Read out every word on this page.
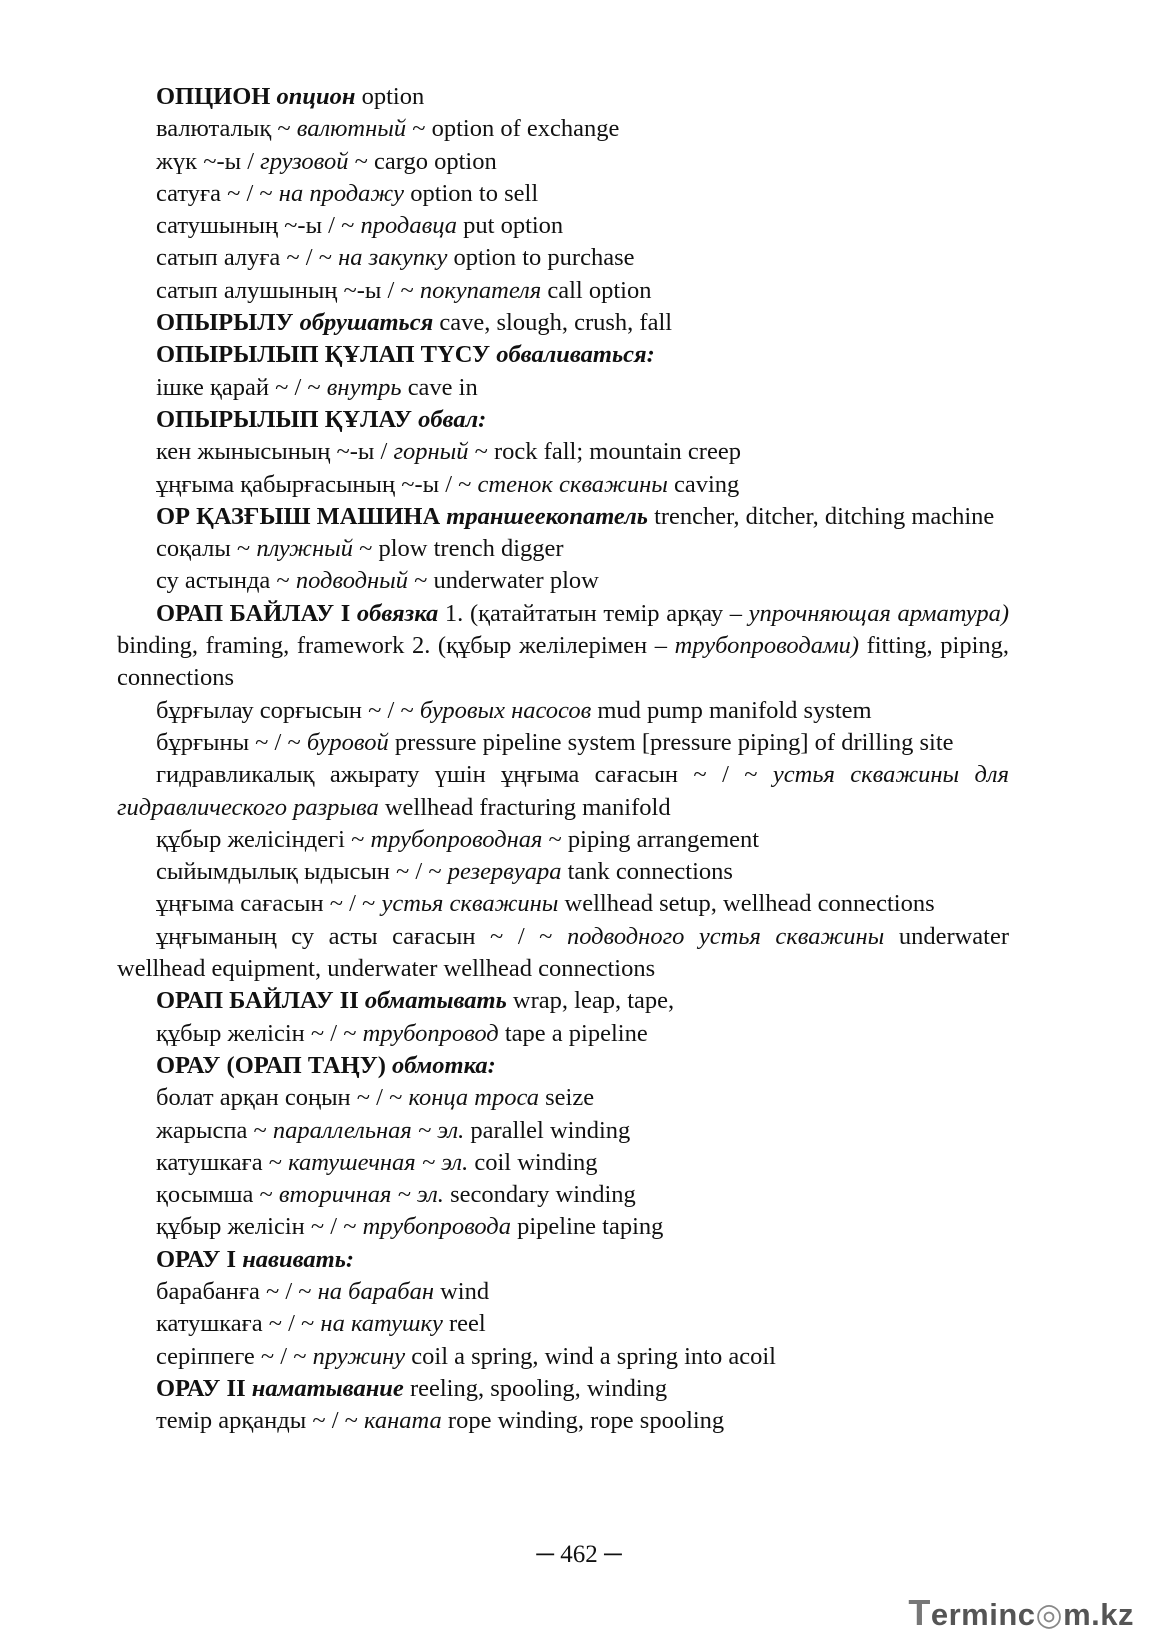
ОПЦИОН опцион option

валюталық ~ валютный ~ option of exchange

жүк ~-ы / грузовой ~ cargo option

сатуға ~ / ~ на продажу option to sell

сатушының ~-ы / ~ продавца put option

сатып алуға ~ / ~ на закупку option to purchase

сатып алушының ~-ы / ~ покупателя call option

ОПЫРЫЛУ обрушаться cave, slough, crush, fall

ОПЫРЫЛЫП ҚҰЛАП ТҮСУ обваливаться:

ішке қарай ~ / ~ внутрь cave in

ОПЫРЫЛЫП ҚҰЛАУ обвал:

кен жынысының ~-ы / горный ~ rock fall; mountain creep

ұңғыма қабырғасының ~-ы / ~ стенок скважины caving

ОР ҚАЗҒЫШ МАШИНА траншеекопатель trencher, ditcher, ditching machine

соқалы ~ плужный ~ plow trench digger

су астында ~ подводный ~ underwater plow

ОРАП БАЙЛАУ I обвязка 1. (қатайтатын темір арқау – упрочняющая арматура) binding, framing, framework 2. (құбыр желілерімен – трубопроводами) fitting, piping, connections

бұрғылау сорғысын ~ / ~ буровых насосов mud pump manifold system

бұрғыны ~ / ~ буровой pressure pipeline system [pressure piping] of drilling site

гидравликалық ажырату үшін ұңғыма сағасын ~ / ~ устья скважины для гидравлического разрыва wellhead fracturing manifold

құбыр желісіндегі ~ трубопроводная ~ piping arrangement

сыйымдылық ыдысын ~ / ~ резервуара tank connections

ұңғыма сағасын ~ / ~ устья скважины wellhead setup, wellhead connections

ұңғыманың су асты сағасын ~ / ~ подводного устья скважины underwater wellhead equipment, underwater wellhead connections

ОРАП БАЙЛАУ II обматывать wrap, leap, tape,

құбыр желісін ~ / ~ трубопровод tape a pipeline

ОРАУ (ОРАП ТАҢУ) обмотка:

болат арқан соңын ~ / ~ конца троса seize

жарыспа ~ параллельная ~ эл. parallel winding

катушкаға ~ катушечная ~ эл. coil winding

қосымша ~ вторичная ~ эл. secondary winding

құбыр желісін ~ / ~ трубопровода pipeline taping

ОРАУ I навивать:

барабанға ~ / ~ на барабан wind

катушкаға ~ / ~ на катушку reel

серіппеге ~ / ~ пружину coil a spring, wind a spring into acoil

ОРАУ II наматывание reeling, spooling, winding

темір арқанды ~ / ~ каната rope winding, rope spooling

─ 462 ─
Terminc◎m.kz
